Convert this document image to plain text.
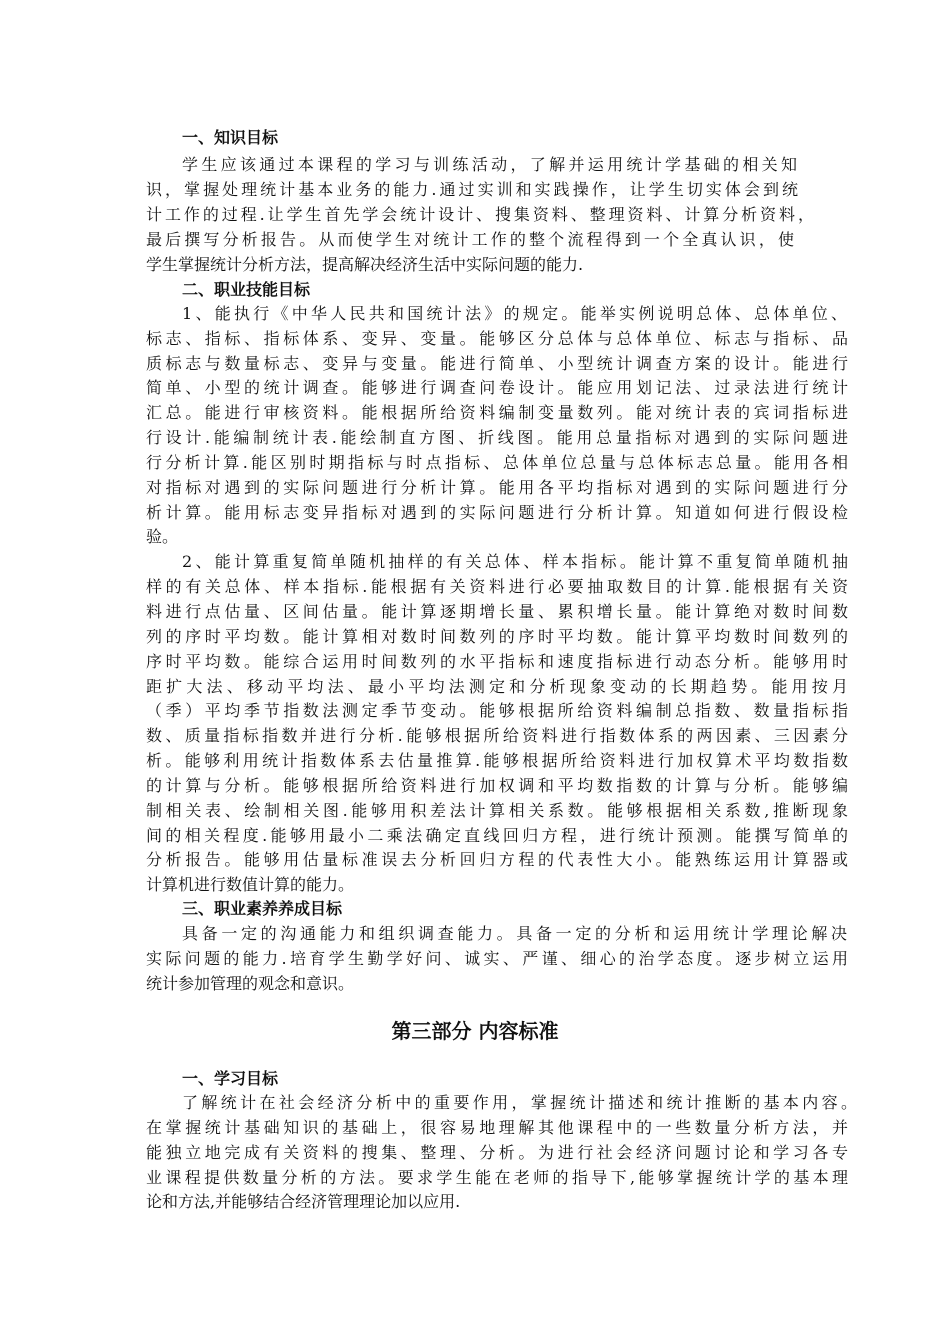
一、知识目标
学生应该通过本课程的学习与训练活动，了解并运用统计学基础的相关知
识，掌握处理统计基本业务的能力.通过实训和实践操作，让学生切实体会到统
计工作的过程.让学生首先学会统计设计、搜集资料、整理资料、计算分析资料，
最后撰写分析报告。从而使学生对统计工作的整个流程得到一个全真认识，使
学生掌握统计分析方法，提高解决经济生活中实际问题的能力.
二、职业技能目标
1、能执行《中华人民共和国统计法》的规定。能举实例说明总体、总体单位、
标志、指标、指标体系、变异、变量。能够区分总体与总体单位、标志与指标、品
质标志与数量标志、变异与变量。能进行简单、小型统计调查方案的设计。能进行
简单、小型的统计调查。能够进行调查问卷设计。能应用划记法、过录法进行统计
汇总。能进行审核资料。能根据所给资料编制变量数列。能对统计表的宾词指标进
行设计.能编制统计表.能绘制直方图、折线图。能用总量指标对遇到的实际问题进
行分析计算.能区别时期指标与时点指标、总体单位总量与总体标志总量。能用各相
对指标对遇到的实际问题进行分析计算。能用各平均指标对遇到的实际问题进行分
析计算。能用标志变异指标对遇到的实际问题进行分析计算。知道如何进行假设检
验。
2、能计算重复简单随机抽样的有关总体、样本指标。能计算不重复简单随机抽
样的有关总体、样本指标.能根据有关资料进行必要抽取数目的计算.能根据有关资
料进行点估量、区间估量。能计算逐期增长量、累积增长量。能计算绝对数时间数
列的序时平均数。能计算相对数时间数列的序时平均数。能计算平均数时间数列的
序时平均数。能综合运用时间数列的水平指标和速度指标进行动态分析。能够用时
距扩大法、移动平均法、最小平均法测定和分析现象变动的长期趋势。能用按月
（季）平均季节指数法测定季节变动。能够根据所给资料编制总指数、数量指标指
数、质量指标指数并进行分析.能够根据所给资料进行指数体系的两因素、三因素分
析。能够利用统计指数体系去估量推算.能够根据所给资料进行加权算术平均数指数
的计算与分析。能够根据所给资料进行加权调和平均数指数的计算与分析。能够编
制相关表、绘制相关图.能够用积差法计算相关系数。能够根据相关系数,推断现象
间的相关程度.能够用最小二乘法确定直线回归方程，进行统计预测。能撰写简单的
分析报告。能够用估量标准误去分析回归方程的代表性大小。能熟练运用计算器或
计算机进行数值计算的能力。
三、职业素养养成目标
具备一定的沟通能力和组织调查能力。具备一定的分析和运用统计学理论解决
实际问题的能力.培育学生勤学好问、诚实、严谨、细心的治学态度。逐步树立运用
统计参加管理的观念和意识。
第三部分 内容标准
一、学习目标
了解统计在社会经济分析中的重要作用，掌握统计描述和统计推断的基本内容。
在掌握统计基础知识的基础上，很容易地理解其他课程中的一些数量分析方法，并
能独立地完成有关资料的搜集、整理、分析。为进行社会经济问题讨论和学习各专
业课程提供数量分析的方法。要求学生能在老师的指导下,能够掌握统计学的基本理
论和方法,并能够结合经济管理理论加以应用.
